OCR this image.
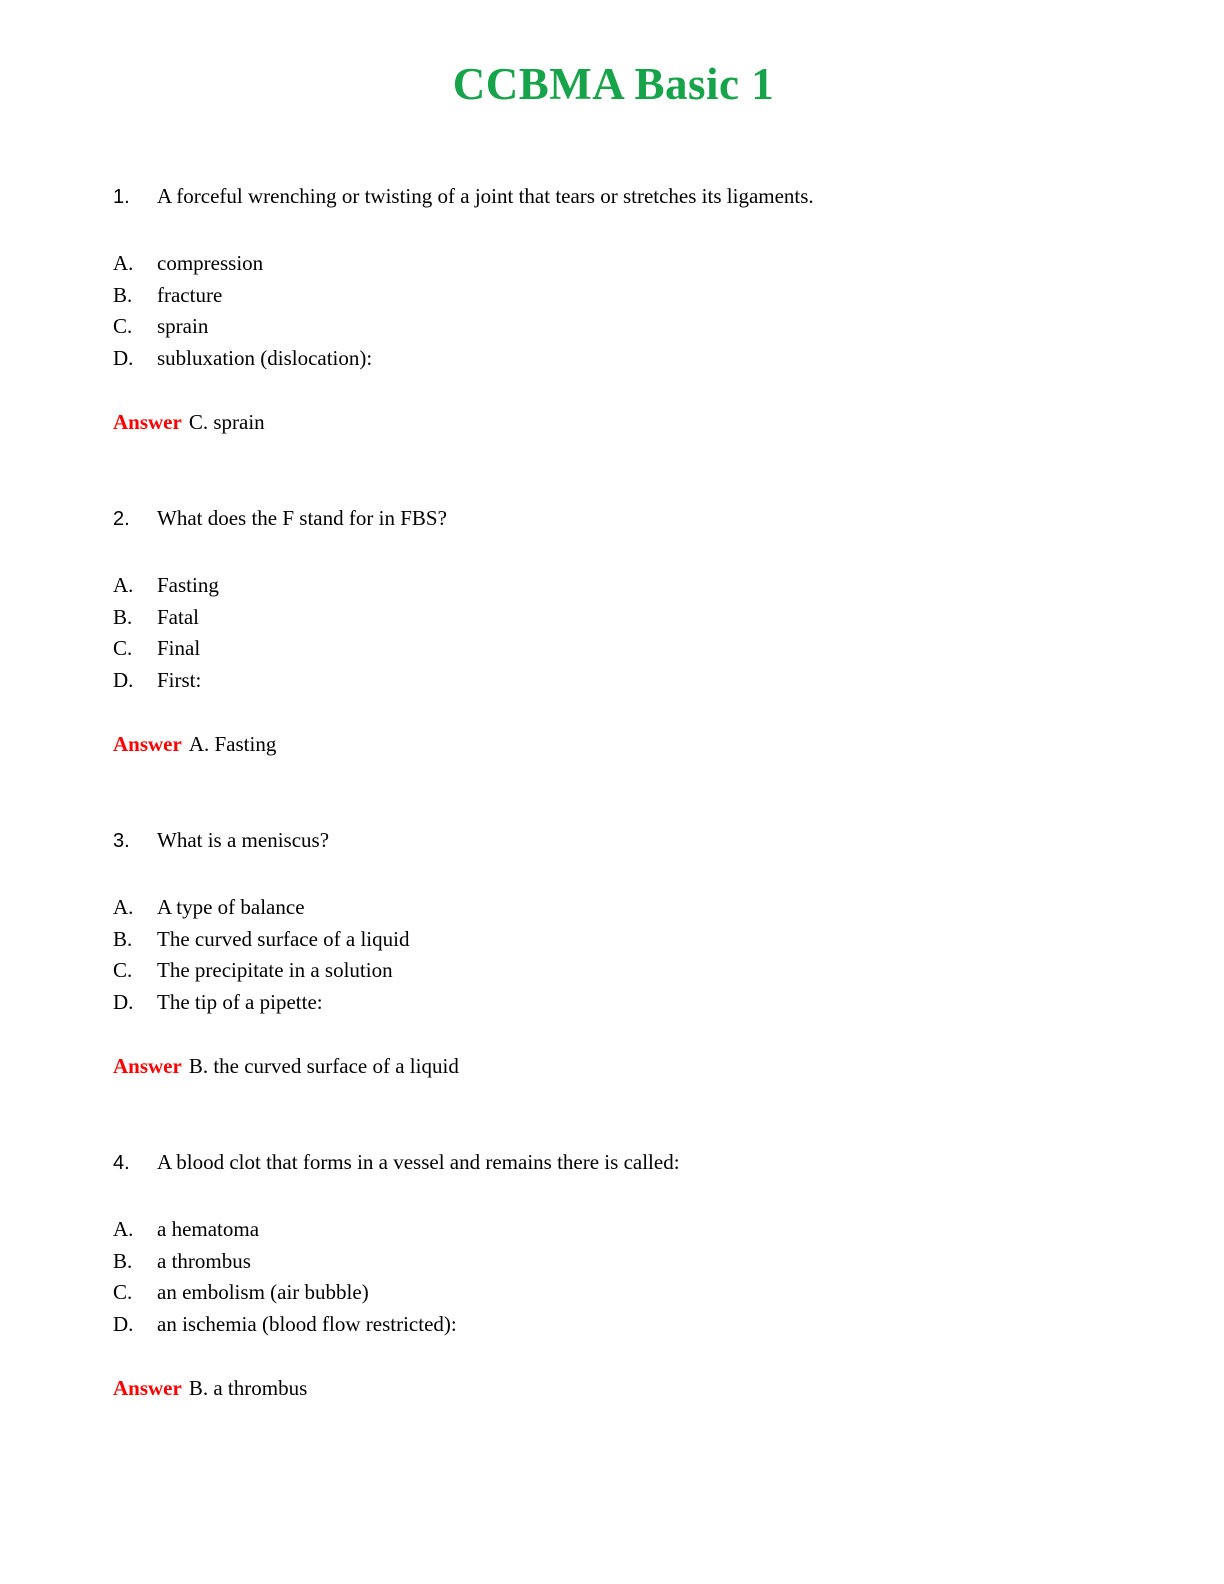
CCBMA Basic 1
1.	A forceful wrenching or twisting of a joint that tears or stretches its ligaments.
A.	compression
B.	fracture
C.	sprain
D.	subluxation (dislocation):
Answer C. sprain
2.	What does the F stand for in FBS?
A.	Fasting
B.	Fatal
C.	Final
D.	First:
Answer A. Fasting
3.	What is a meniscus?
A.	A type of balance
B.	The curved surface of a liquid
C.	The precipitate in a solution
D.	The tip of a pipette:
Answer B. the curved surface of a liquid
4.	A blood clot that forms in a vessel and remains there is called:
A.	a hematoma
B.	a thrombus
C.	an embolism (air bubble)
D.	an ischemia (blood flow restricted):
Answer B. a thrombus
